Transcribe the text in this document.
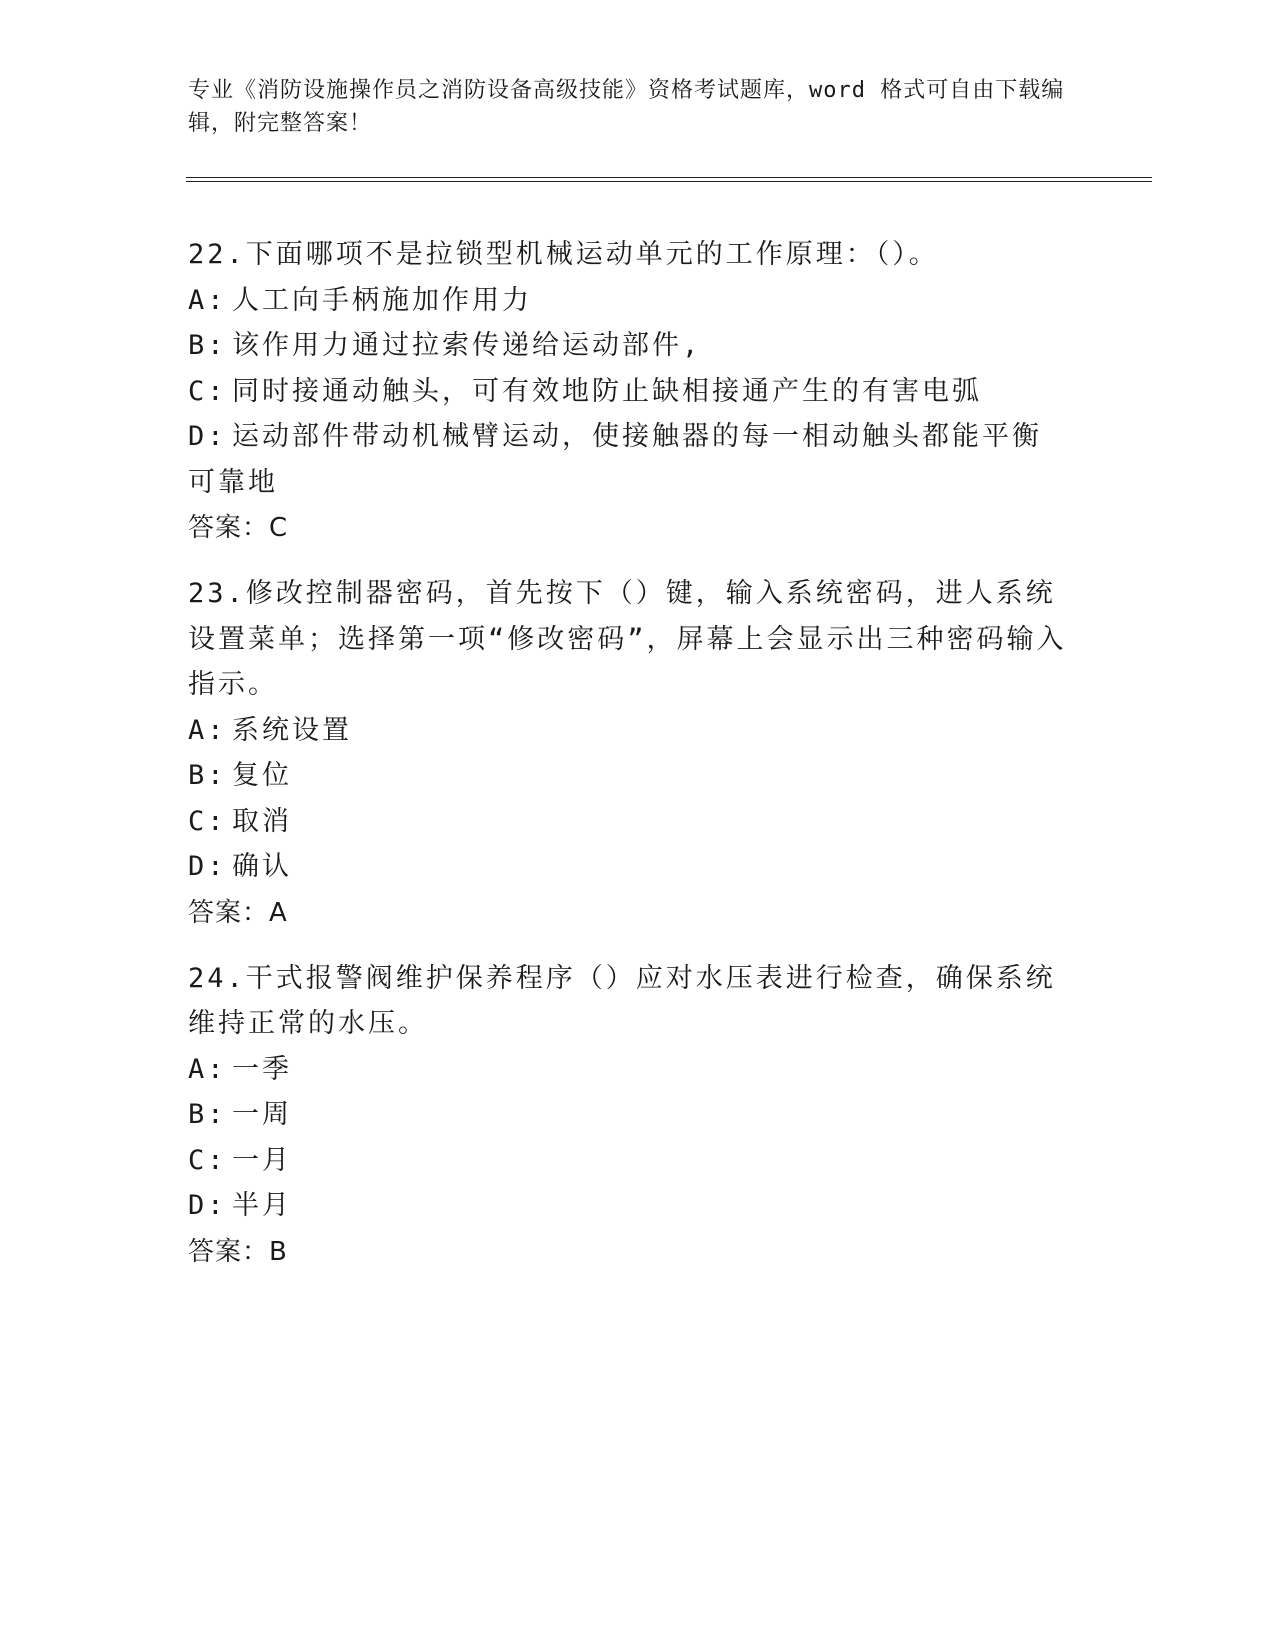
专业《消防设施操作员之消防设备高级技能》资格考试题库，word 格式可自由下载编辑，附完整答案！
22.下面哪项不是拉锁型机械运动单元的工作原理：（）。
A: 人工向手柄施加作用力
B: 该作用力通过拉索传递给运动部件,
C: 同时接通动触头，可有效地防止缺相接通产生的有害电弧
D: 运动部件带动机械臂运动，使接触器的每一相动触头都能平衡可靠地
答案：C
23.修改控制器密码，首先按下（）键，输入系统密码，进人系统设置菜单；选择第一项“修改密码”，屏幕上会显示出三种密码输入指示。
A: 系统设置
B: 复位
C: 取消
D: 确认
答案：A
24.干式报警阀维护保养程序（）应对水压表进行检查，确保系统维持正常的水压。
A: 一季
B: 一周
C: 一月
D: 半月
答案：B
